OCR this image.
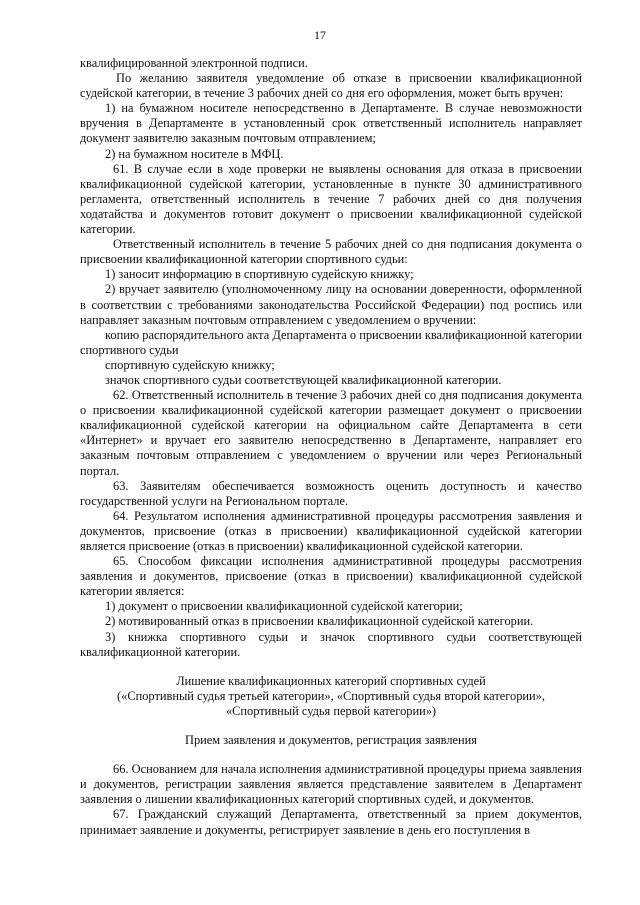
17

квалифицированной электронной подписи.

По желанию заявителя уведомление об отказе в присвоении квалификационной судейской категории, в течение 3 рабочих дней со дня его оформления, может быть вручен:

1) на бумажном носителе непосредственно в Департаменте. В случае невозможности вручения в Департаменте в установленный срок ответственный исполнитель направляет документ заявителю заказным почтовым отправлением;

2) на бумажном носителе в МФЦ.

61. В случае если в ходе проверки не выявлены основания для отказа в присвоении квалификационной судейской категории, установленные в пункте 30 административного регламента, ответственный исполнитель в течение 7 рабочих дней со дня получения ходатайства и документов готовит документ о присвоении квалификационной судейской категории.

Ответственный исполнитель в течение 5 рабочих дней со дня подписания документа о присвоении квалификационной категории спортивного судьи:

1) заносит информацию в спортивную судейскую книжку;

2) вручает заявителю (уполномоченному лицу на основании доверенности, оформленной в соответствии с требованиями законодательства Российской Федерации) под роспись или направляет заказным почтовым отправлением с уведомлением о вручении:

копию распорядительного акта Департамента о присвоении квалификационной категории спортивного судьи

спортивную судейскую книжку;

значок спортивного судьи соответствующей квалификационной категории.

62. Ответственный исполнитель в течение 3 рабочих дней со дня подписания документа о присвоении квалификационной судейской категории размещает документ о присвоении квалификационной судейской категории на официальном сайте Департамента в сети «Интернет» и вручает его заявителю непосредственно в Департаменте, направляет его заказным почтовым отправлением с уведомлением о вручении или через Региональный портал.

63. Заявителям обеспечивается возможность оценить доступность и качество государственной услуги на Региональном портале.

64. Результатом исполнения административной процедуры рассмотрения заявления и документов, присвоение (отказ в присвоении) квалификационной судейской категории является присвоение (отказ в присвоении) квалификационной судейской категории.

65. Способом фиксации исполнения административной процедуры рассмотрения заявления и документов, присвоение (отказ в присвоении) квалификационной судейской категории является:

1) документ о присвоении квалификационной судейской категории;

2) мотивированный отказ в присвоении квалификационной судейской категории.

3) книжка спортивного судьи и значок спортивного судьи соответствующей квалификационной категории.

Лишение квалификационных категорий спортивных судей

(«Спортивный судья третьей категории», «Спортивный судья второй категории»,

«Спортивный судья первой категории»)

Прием заявления и документов, регистрация заявления

66. Основанием для начала исполнения административной процедуры приема заявления и документов, регистрации заявления является представление заявителем в Департамент заявления о лишении квалификационных категорий спортивных судей, и документов.

67. Гражданский служащий Департамента, ответственный за прием документов, принимает заявление и документы, регистрирует заявление в день его поступления в
